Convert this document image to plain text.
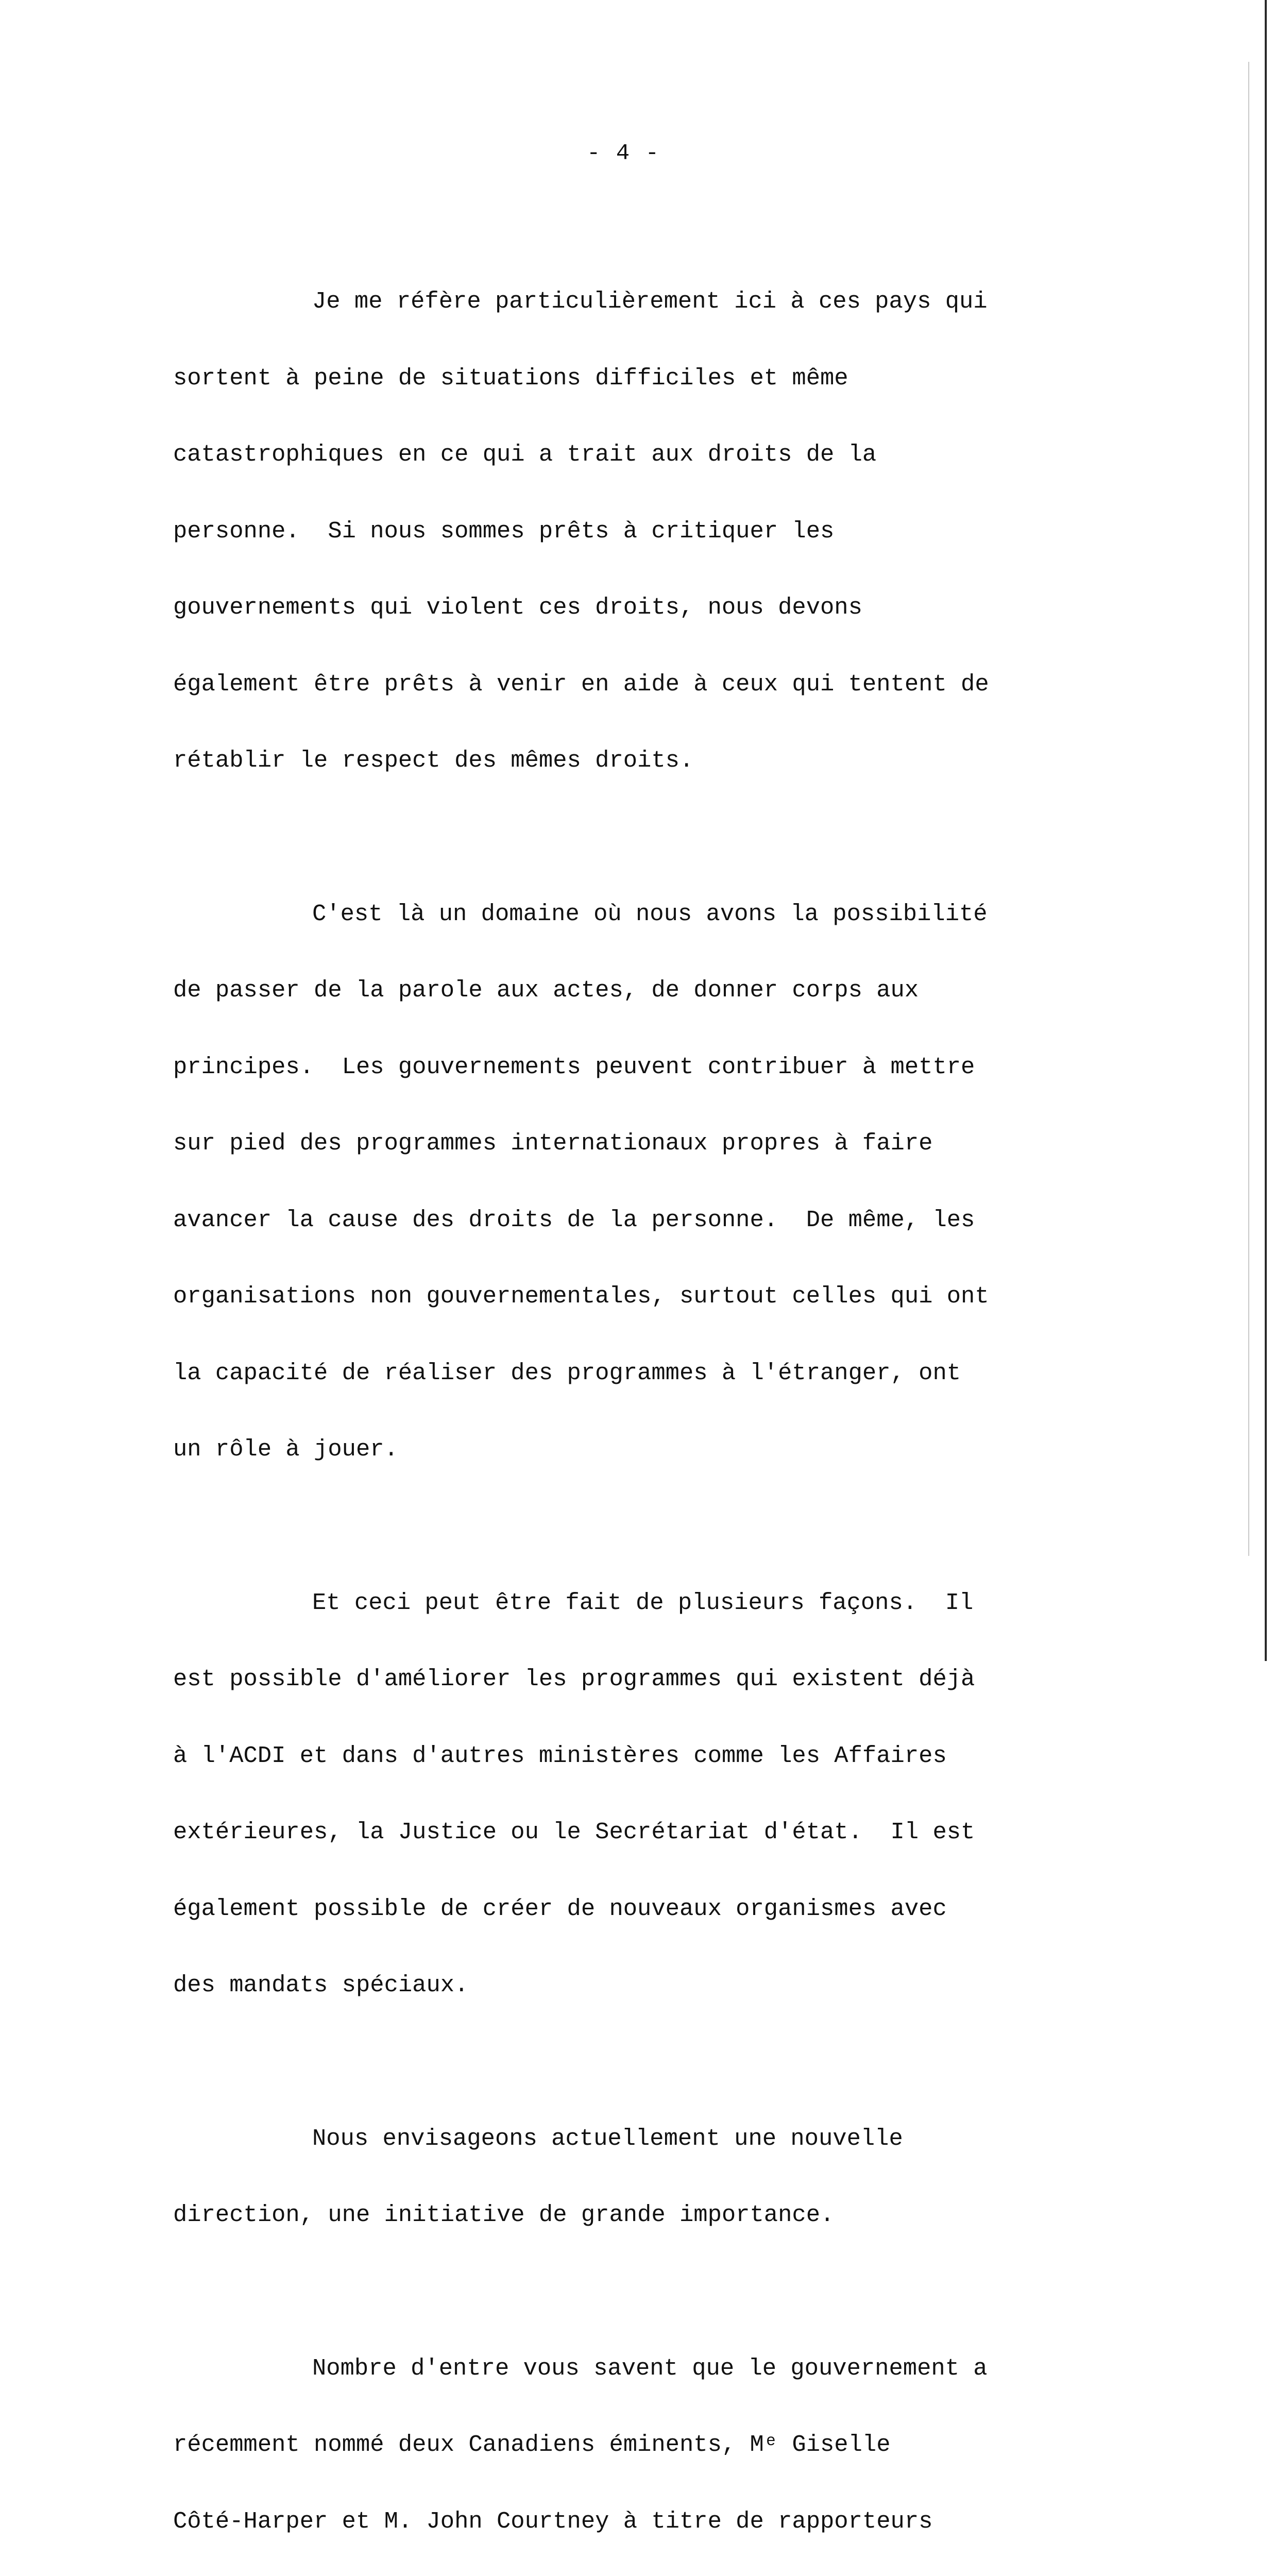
- 4 -

Je me réfère particulièrement ici à ces pays qui

sortent à peine de situations difficiles et même

catastrophiques en ce qui a trait aux droits de la

personne.  Si nous sommes prêts à critiquer les

gouvernements qui violent ces droits, nous devons

également être prêts à venir en aide à ceux qui tentent de

rétablir le respect des mêmes droits.

C'est là un domaine où nous avons la possibilité

de passer de la parole aux actes, de donner corps aux

principes.  Les gouvernements peuvent contribuer à mettre

sur pied des programmes internationaux propres à faire

avancer la cause des droits de la personne.  De même, les

organisations non gouvernementales, surtout celles qui ont

la capacité de réaliser des programmes à l'étranger, ont

un rôle à jouer.

Et ceci peut être fait de plusieurs façons.  Il

est possible d'améliorer les programmes qui existent déjà

à l'ACDI et dans d'autres ministères comme les Affaires

extérieures, la Justice ou le Secrétariat d'état.  Il est

également possible de créer de nouveaux organismes avec

des mandats spéciaux.

Nous envisageons actuellement une nouvelle

direction, une initiative de grande importance.

Nombre d'entre vous savent que le gouvernement a

récemment nommé deux Canadiens éminents, Mᵉ Giselle

Côté-Harper et M. John Courtney à titre de rapporteurs
